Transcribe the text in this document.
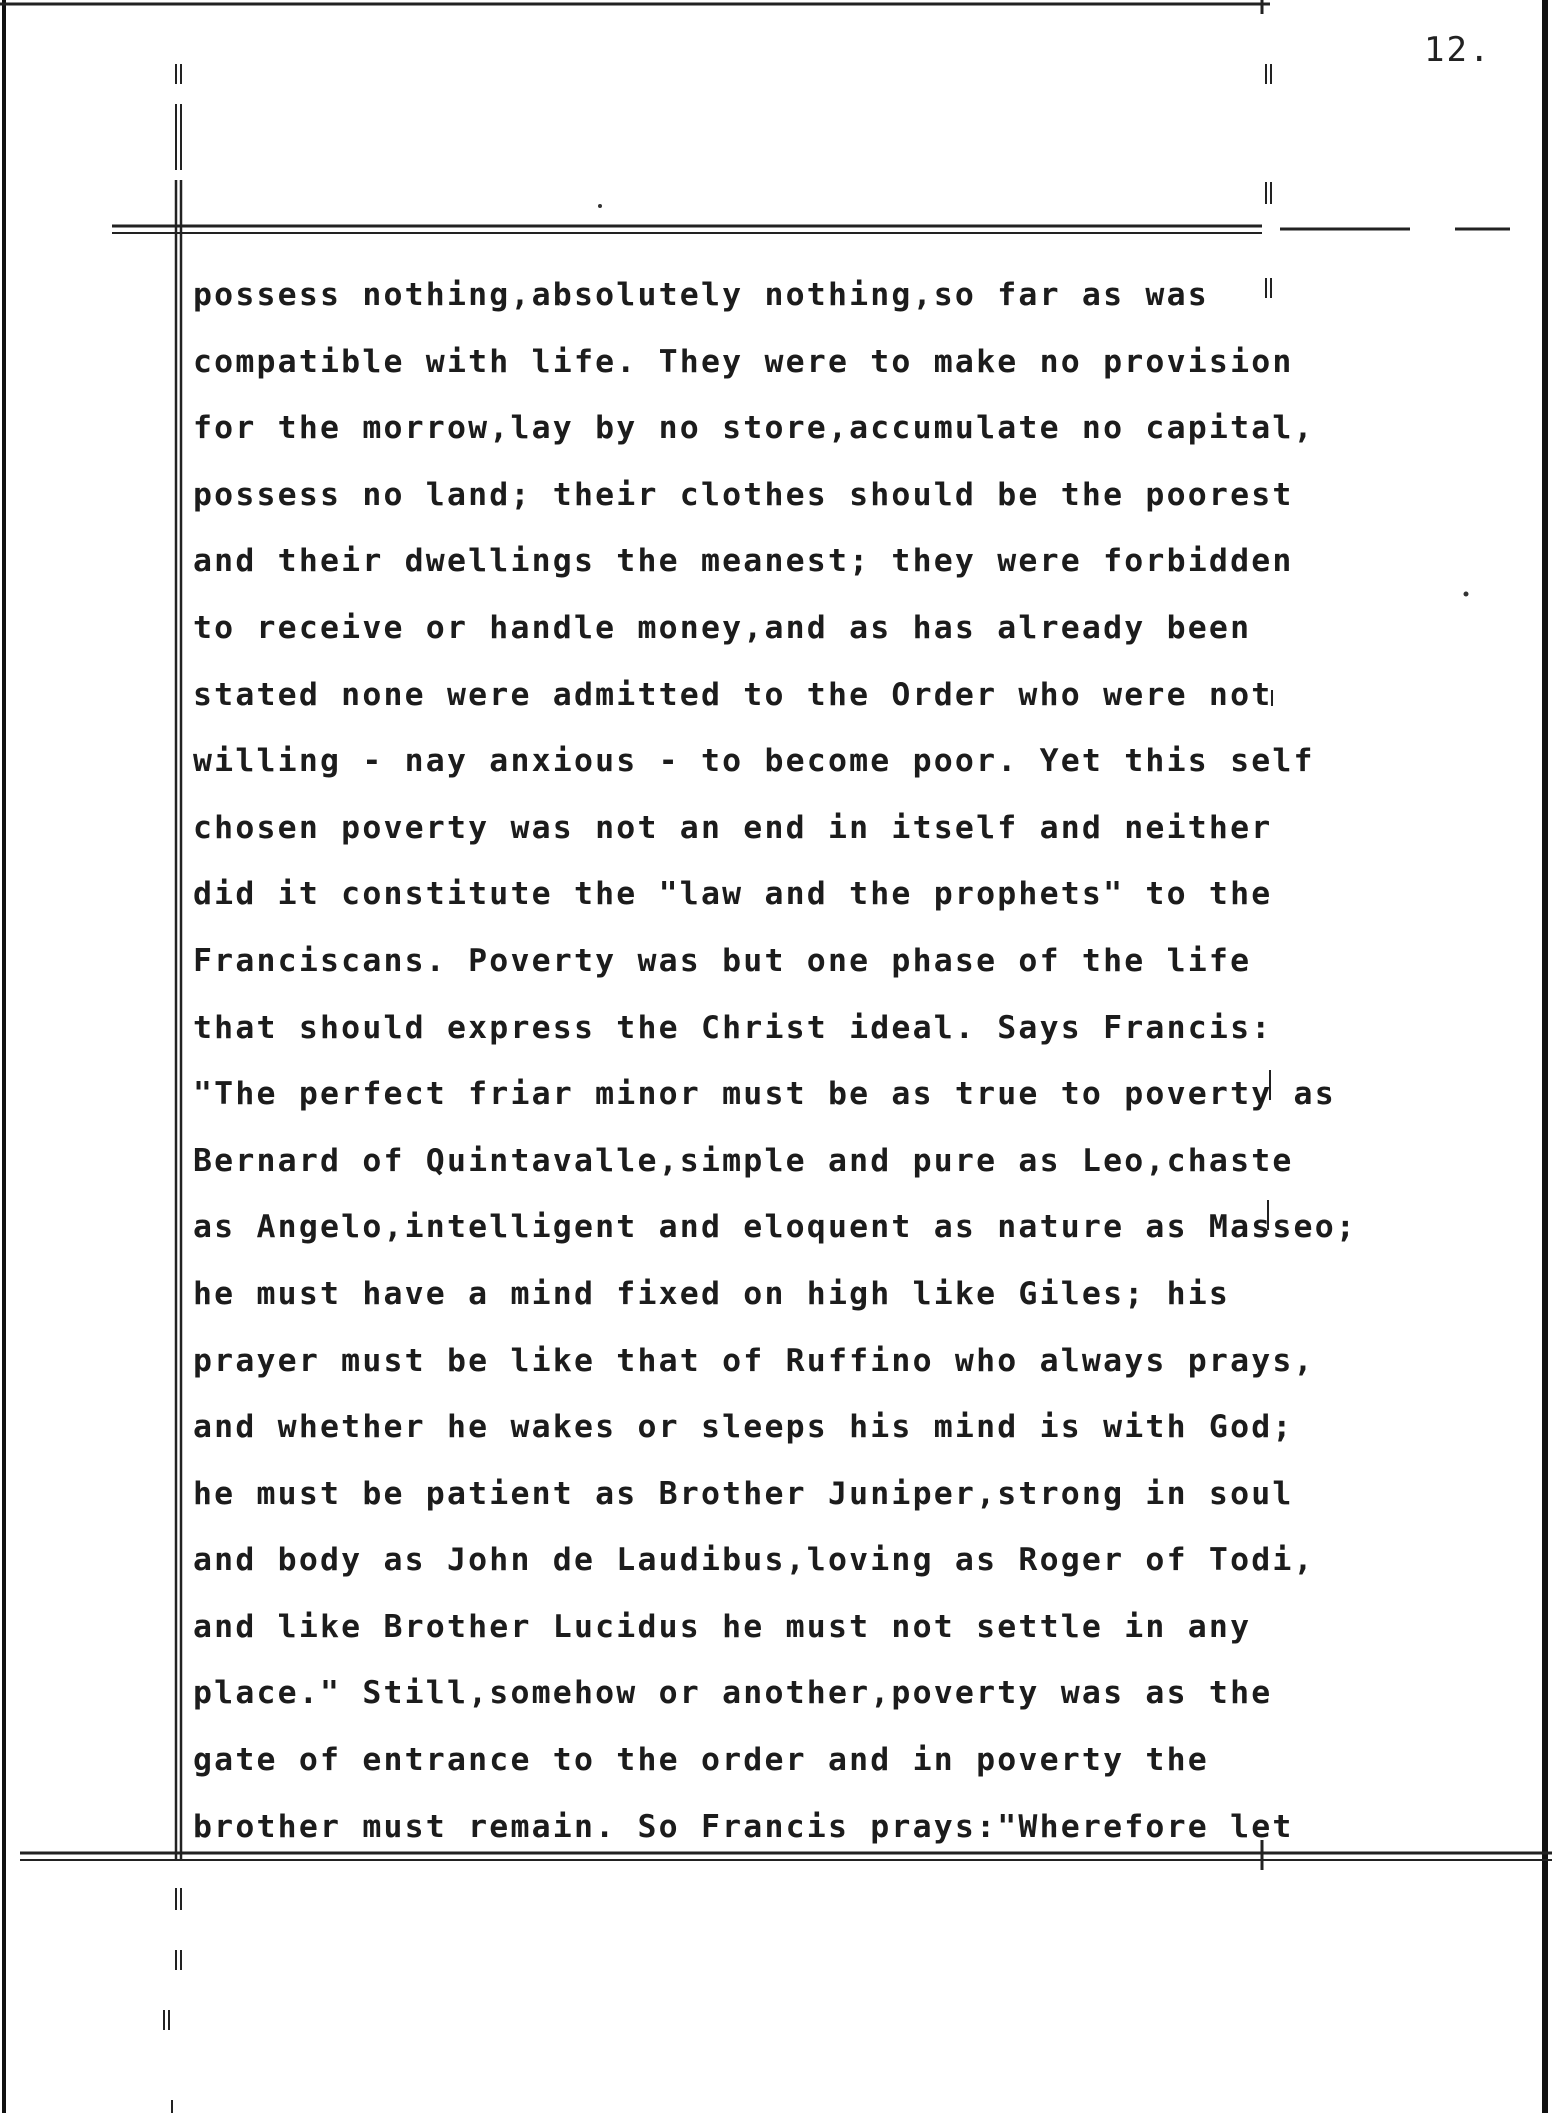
12.
possess nothing,absolutely nothing,so far as was
compatible with life. They were to make no provision
for the morrow,lay by no store,accumulate no capital,
possess no land; their clothes should be the poorest
and their dwellings the meanest; they were forbidden
to receive or handle money,and as has already been
stated none were admitted to the Order who were not
willing - nay anxious - to become poor. Yet this self
chosen poverty was not an end in itself and neither
did it constitute the "law and the prophets" to the
Franciscans. Poverty was but one phase of the life
that should express the Christ ideal. Says Francis:
"The perfect friar minor must be as true to poverty as
Bernard of Quintavalle,simple and pure as Leo,chaste
as Angelo,intelligent and eloquent as nature as Masseo;
he must have a mind fixed on high like Giles; his
prayer must be like that of Ruffino who always prays,
and whether he wakes or sleeps his mind is with God;
he must be patient as Brother Juniper,strong in soul
and body as John de Laudibus,loving as Roger of Todi,
and like Brother Lucidus he must not settle in any
place." Still,somehow or another,poverty was as the
gate of entrance to the order and in poverty the
brother must remain. So Francis prays:"Wherefore let
